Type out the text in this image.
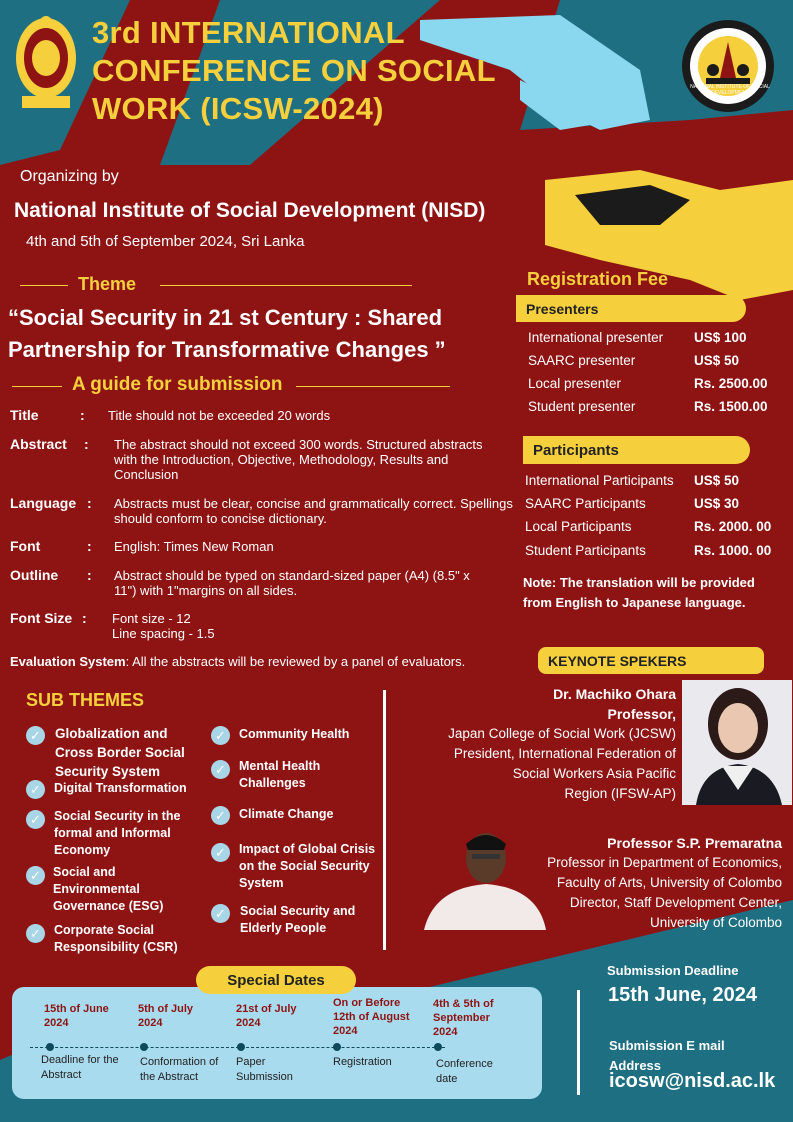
NATIONAL INSTITUTE OF SOCIAL DEVELOPMENT
3rd INTERNATIONAL CONFERENCE ON SOCIAL WORK (ICSW-2024)
Organizing by
National Institute of Social Development (NISD)
4th and 5th of September 2024, Sri Lanka
Theme
“Social Security in 21 st Century : Shared Partnership for Transformative Changes ”
A guide for submission
Title	: Title should not be exceeded 20 words
Abstract : The abstract should not exceed 300 words. Structured abstracts with the Introduction, Objective, Methodology, Results and Conclusion
Language : Abstracts must be clear, concise and grammatically correct. Spellings should conform to concise dictionary.
Font	: English: Times New Roman
Outline : Abstract should be typed on standard-sized paper (A4) (8.5" x 11") with 1"margins on all sides.
Font Size : Font size - 12
Line spacing - 1.5
Evaluation System: All the abstracts will be reviewed by a panel of evaluators.
Registration Fee
Presenters
International presenter US$ 100
SAARC presenter	US$ 50
Local presenter	Rs. 2500.00
Student presenter	Rs. 1500.00
Participants
International Participants US$ 50
SAARC Participants	US$ 30
Local Participants	Rs. 2000. 00
Student Participants	Rs. 1000. 00
Note: The translation will be provided from English to Japanese language.
SUB THEMES
✓ Globalization and Cross Border Social Security System
✓	Digital Transformation
✓	Social Security in the formal and Informal Economy
✓ Social and Environmental Governance (ESG)
✓	Corporate Social Responsibility (CSR)
✓	Community Health
✓	Mental Health Challenges
✓	Climate Change
✓	Impact of Global Crisis on the Social Security System
✓	Social Security and Elderly People
KEYNOTE SPEKERS
Dr. Machiko Ohara
Professor,
Japan College of Social Work (JCSW)
President, International Federation of
Social Workers Asia Pacific
Region (IFSW-AP)
Professor S.P. Premaratna
Professor in Department of Economics,
Faculty of Arts, University of Colombo
Director, Staff Development Center,
University of Colombo
Special Dates
15th of June 2024
Deadline for the Abstract
5th of July 2024
Conformation of the Abstract
21st of July 2024
Paper Submission
On or Before 12th of August 2024
Registration
4th & 5th of September 2024
Conference date
Submission Deadline
15th June, 2024
Submission E mail Address
icosw@nisd.ac.lk
